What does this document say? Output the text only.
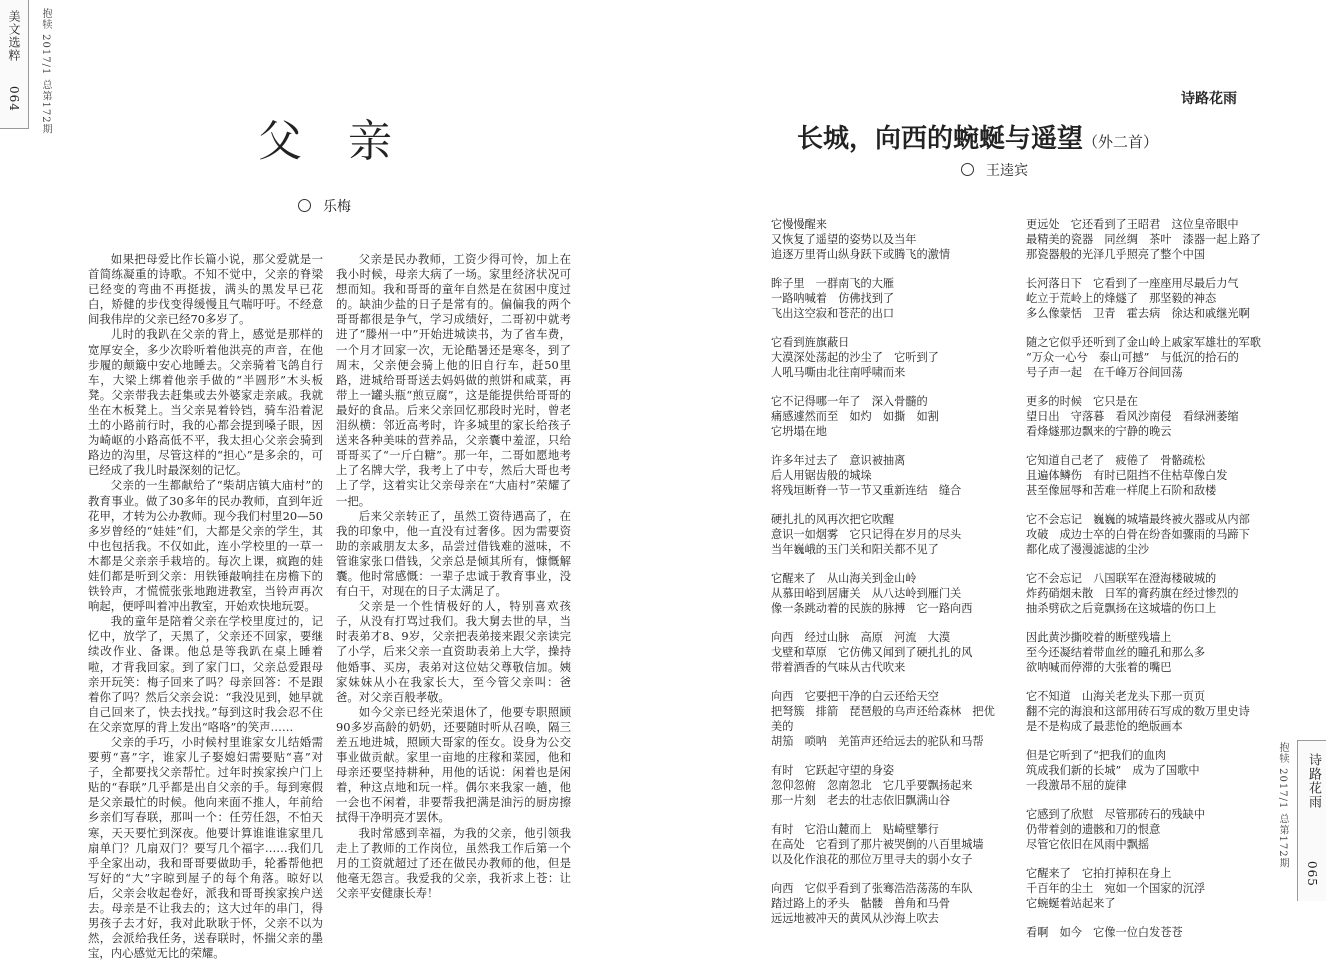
美文选粹
064 抱犊 2017/1 总第172期
父 亲
乐梅

如果把母爱比作长篇小说，那父爱就是一首简练凝重的诗歌。不知不觉中，父亲的脊梁已经变的弯曲不再挺拔，满头的黑发早已花白，矫健的步伐变得缓慢且气喘吁吁。不经意间我伟岸的父亲已经70多岁了。

儿时的我趴在父亲的背上，感觉是那样的宽厚安全，多少次聆听着他洪亮的声音，在他步履的颠簸中安心地睡去。父亲骑着飞鸽自行车，大梁上绑着他亲手做的“半圆形”木头板凳。父亲带我去赶集或去外婆家走亲戚。我就坐在木板凳上。当父亲晃着铃铛，骑车沿着泥土的小路前行时，我的心都会提到嗓子眼，因为崎岖的小路高低不平，我太担心父亲会骑到路边的沟里，尽管这样的“担心”是多余的，可已经成了我儿时最深刻的记忆。

父亲的一生都献给了“柴胡店镇大庙村”的教育事业。做了30多年的民办教师，直到年近花甲，才转为公办教师。现今我们村里20—50多岁曾经的“娃娃”们，大都是父亲的学生，其中也包括我。不仅如此，连小学校里的一草一木都是父亲亲手栽培的。每次上课，疯跑的娃娃们都是听到父亲：用铁锤敲响挂在房檐下的铁铃声，才慌慌张张地跑进教室，当铃声再次响起，便呼叫着冲出教室，开始欢快地玩耍。

我的童年是陪着父亲在学校里度过的，记忆中，放学了，天黑了，父亲还不回家，要继续改作业、备课。他总是等我趴在桌上睡着啦，才背我回家。到了家门口，父亲总爱跟母亲开玩笑：梅子回来了吗？母亲回答：不是跟着你了吗？然后父亲会说：“我没见到，她早就自己回来了，快去找找。”每到这时我会忍不住在父亲宽厚的背上发出“咯咯”的笑声……

父亲的手巧，小时候村里谁家女儿结婚需要剪“喜”字，谁家儿子娶媳妇需要贴“喜”对子，全都要找父亲帮忙。过年时挨家挨户门上贴的“春联”几乎都是出自父亲的手。每到寒假是父亲最忙的时候。他向来面不推人，年前给乡亲们写春联，那叫一个：任劳任怨，不怕天寒，天天要忙到深夜。他要计算谁谁谁家里几扇单门？几扇双门？要写几个福字……我们几乎全家出动，我和哥哥要做助手，轮番帮他把写好的“大”字晾到屋子的每个角落。晾好以后，父亲会收起卷好，派我和哥哥挨家挨户送去。母亲是不让我去的；这大过年的串门，得男孩子去才好，我对此耿耿于怀，父亲不以为然，会派给我任务，送春联时，怀揣父亲的墨宝，内心感觉无比的荣耀。

父亲是民办教师，工资少得可怜，加上在我小时候，母亲大病了一场。家里经济状况可想而知。我和哥哥的童年自然是在贫困中度过的。缺油少盐的日子是常有的。偏偏我的两个哥哥都很是争气，学习成绩好，二哥初中就考进了“滕州一中”开始进城读书，为了省车费，一个月才回家一次，无论酷暑还是寒冬，到了周末，父亲便会骑上他的旧自行车，赶50里路，进城给哥哥送去妈妈做的煎饼和咸菜，再带上一罐头瓶“煎豆腐”，这是能提供给哥哥的最好的食品。后来父亲回忆那段时光时，曾老泪纵横：邻近高考时，许多城里的家长给孩子送来各种美味的营养品，父亲囊中羞涩，只给哥哥买了“一斤白糖”。那一年，二哥如愿地考上了名牌大学，我考上了中专，然后大哥也考上了学，这着实让父亲母亲在“大庙村”荣耀了一把。

后来父亲转正了，虽然工资待遇高了，在我的印象中，他一直没有过奢侈。因为需要资助的亲戚朋友太多，品尝过借钱难的滋味，不管谁家张口借钱，父亲总是倾其所有，慷慨解囊。他时常感慨：一辈子忠诚于教育事业，没有白干，对现在的日子太满足了。

父亲是一个性情极好的人，特别喜欢孩子，从没有打骂过我们。我大舅去世的早，当时表弟才8、9岁，父亲把表弟接来跟父亲读完了小学，后来父亲一直资助表弟上大学，操持他婚事、买房，表弟对这位姑父尊敬信加。姨家妹妹从小在我家长大，至今管父亲叫：爸爸。对父亲百般孝敬。

如今父亲已经光荣退休了，他要专职照顾90多岁高龄的奶奶，还要随时听从召唤，隔三差五地进城，照顾大哥家的侄女。设身为公交事业做贡献。家里一亩地的庄稼和菜园，他和母亲还要坚持耕种，用他的话说：闲着也是闲着，种这点地和玩一样。偶尔来我家一趟，他一会也不闲着，非要帮我把满是油污的厨房擦拭得干净明亮才罢休。

我时常感到幸福，为我的父亲，他引领我走上了教师的工作岗位，虽然我工作后第一个月的工资就超过了还在做民办教师的他，但是他毫无怨言。我爱我的父亲，我祈求上苍：让父亲平安健康长寿！

诗路花雨
长城，向西的蜿蜒与遥望（外二首）
王逵宾

它慢慢醒来
又恢复了遥望的姿势以及当年
追逐万里胥山纵身跃下或腾飞的激情

眸子里　一群南飞的大雁
一路呐喊着　仿佛找到了
飞出这空寂和苍茫的出口

它看到旌旗蔽日
大漠深处荡起的沙尘了　它听到了
人吼马嘶由北往南呼啸而来

它不记得哪一年了　深入骨髓的
痛感遽然而至　如灼　如撕　如割
它坍塌在地

许多年过去了　意识被抽离
后人用锯齿般的城垛
将残垣断脊一节一节又重新连结　缝合

硬扎扎的风再次把它吹醒
意识一如烟雾　它只记得在岁月的尽头
当年巍峨的玉门关和阳关都不见了

它醒来了　从山海关到金山岭
从慕田峪到居庸关　从八达岭到雁门关
像一条跳动着的民族的脉搏　它一路向西

向西　经过山脉　高原　河流　大漠
戈壁和草原　它仿佛又闻到了硬扎扎的风
带着酒香的气味从古代吹来

向西　它要把干净的白云还给天空
把弩簇　排箭　琵琶般的乌声还给森林　把优美的
胡笳　唢呐　羌笛声还给远去的驼队和马帮

有时　它跃起守望的身姿
忽仰忽俯　忽南忽北　它几乎要飘扬起来
那一片刻　老去的壮志依旧飘满山谷

有时　它沿山麓而上　贴崎壁攀行
在高处　它看到了那片被哭倒的八百里城墙
以及化作浪花的那位万里寻夫的弱小女子

向西　它似乎看到了张骞浩浩荡荡的车队
踏过路上的矛头　骷髅　兽角和马骨
远远地被冲天的黄风从沙海上吹去

更远处　它还看到了王昭君　这位皇帝眼中
最精美的瓷器　同丝绸　茶叶　漆器一起上路了
那瓷器般的光泽几乎照亮了整个中国

长河落日下　它看到了一座座用尽最后力气
屹立于荒岭上的烽燧了　那坚毅的神态
多么像蒙恬　卫青　霍去病　徐达和戚继光啊

随之它似乎还听到了金山岭上戚家军雄壮的军歌
“万众一心兮　泰山可撼”　与低沉的拾石的
号子声一起　在千峰万谷间回荡

更多的时候　它只是在
望日出　守落暮　看风沙南侵　看绿洲萎缩
看烽燧那边飘来的宁静的晚云

它知道自己老了　疲倦了　骨骼疏松
且遍体鳞伤　有时已阻挡不住枯草像白发
甚至像屈辱和苦难一样爬上石阶和敌楼

它不会忘记　巍巍的城墙最终被火器或从内部
攻破　成边士卒的白骨在纷沓如骤雨的马蹄下
都化成了漫漫滤滤的尘沙

它不会忘记　八国联军在澄海楼破城的
炸药硝烟未散　日军的膏药旗在经过惨烈的
抽杀劈砍之后竟飘扬在这城墙的伤口上

因此黄沙撕咬着的断壁残墙上
至今还凝结着带血丝的瞳孔和那么多
欲呐喊而停滞的大张着的嘴巴

它不知道　山海关老龙头下那一页页
翻不完的海浪和这部用砖石写成的数万里史诗
是不是构成了最悲怆的绝版画本

但是它听到了“把我们的血肉
筑成我们新的长城”　成为了国歌中
一段激昂不屈的旋律

它感到了欣慰　尽管那砖石的残缺中
仍带着剑的遗骸和刀的恨意
尽管它依旧在风雨中飘摇

它醒来了　它拍打掉积在身上
千百年的尘土　宛如一个国家的沉浮
它蜿蜒着站起来了

看啊　如今　它像一位白发苍苍

抱犊 2017/1 总第172期 诗路花雨
065
